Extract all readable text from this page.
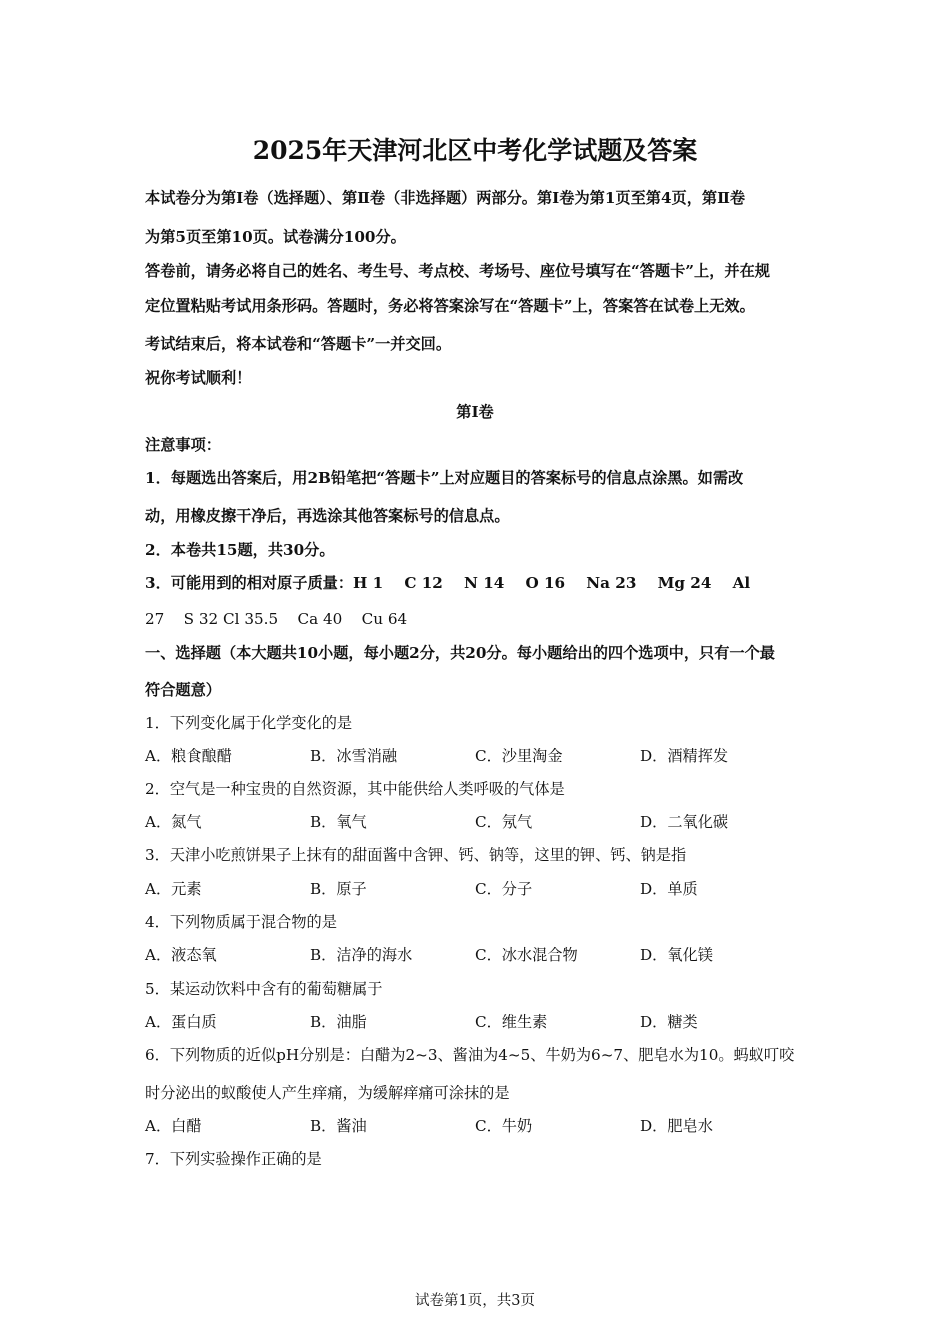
2025年天津河北区中考化学试题及答案
本试卷分为第Ⅰ卷（选择题）、第Ⅱ卷（非选择题）两部分。第Ⅰ卷为第1页至第4页，第Ⅱ卷
为第5页至第10页。试卷满分100分。
答卷前，请务必将自己的姓名、考生号、考点校、考场号、座位号填写在“答题卡”上，并在规
定位置粘贴考试用条形码。答题时，务必将答案涂写在“答题卡”上，答案答在试卷上无效。
考试结束后，将本试卷和“答题卡”一并交回。
祝你考试顺利！
第Ⅰ卷
注意事项：
1．每题选出答案后，用2B铅笔把“答题卡”上对应题目的答案标号的信息点涂黑。如需改
动，用橡皮擦干净后，再选涂其他答案标号的信息点。
2．本卷共15题，共30分。
3．可能用到的相对原子质量：H 1    C 12    N 14    O 16    Na 23    Mg 24    Al
27    S 32 Cl 35.5    Ca 40    Cu 64
一、选择题（本大题共10小题，每小题2分，共20分。每小题给出的四个选项中，只有一个最
符合题意）
1．下列变化属于化学变化的是
A．粮食酿醋	B．冰雪消融	C．沙里淘金	D．酒精挥发
2．空气是一种宝贵的自然资源，其中能供给人类呼吸的气体是
A．氮气	B．氧气	C．氖气	D．二氧化碳
3．天津小吃煎饼果子上抹有的甜面酱中含钾、钙、钠等，这里的钾、钙、钠是指
A．元素	B．原子	C．分子	D．单质
4．下列物质属于混合物的是
A．液态氧	B．洁净的海水	C．冰水混合物	D．氧化镁
5．某运动饮料中含有的葡萄糖属于
A．蛋白质	B．油脂	C．维生素	D．糖类
6．下列物质的近似pH分别是：白醋为2~3、酱油为4~5、牛奶为6~7、肥皂水为10。蚂蚁叮咬
时分泌出的蚁酸使人产生痒痛，为缓解痒痛可涂抹的是
A．白醋	B．酱油	C．牛奶	D．肥皂水
7．下列实验操作正确的是
试卷第1页，共3页
